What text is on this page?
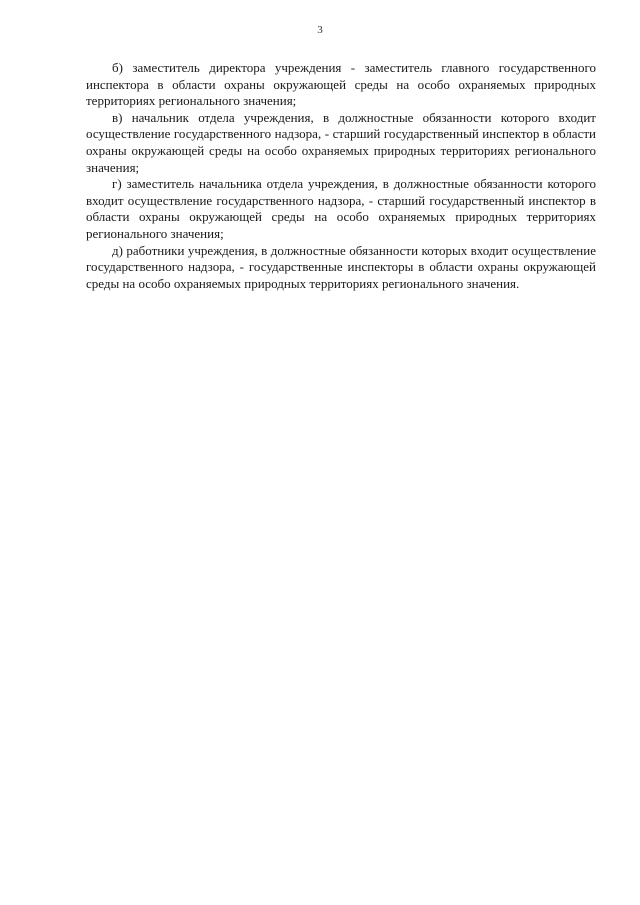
3

б) заместитель директора учреждения - заместитель главного государственного инспектора в области охраны окружающей среды на особо охраняемых природных территориях регионального значения;

в) начальник отдела учреждения, в должностные обязанности которого входит осуществление государственного надзора, - старший государственный инспектор в области охраны окружающей среды на особо охраняемых природных территориях регионального значения;

г) заместитель начальника отдела учреждения, в должностные обязанности которого входит осуществление государственного надзора, - старший государственный инспектор в области охраны окружающей среды на особо охраняемых природных территориях регионального значения;

д) работники учреждения, в должностные обязанности которых входит осуществление государственного надзора, - государственные инспекторы в области охраны окружающей среды на особо охраняемых природных территориях регионального значения.
